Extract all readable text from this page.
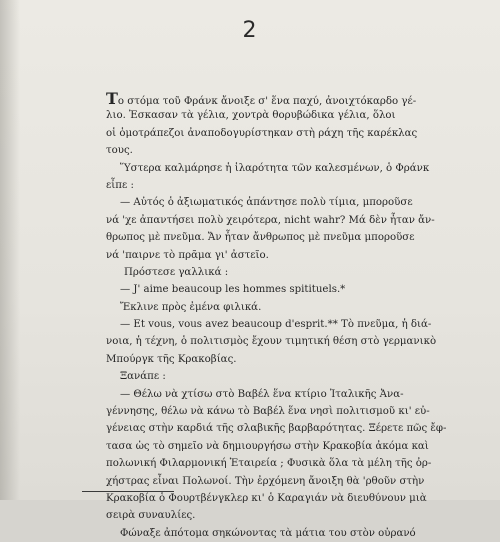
2
Το στόμα τοῦ Φράνκ ἄνοιξε σ' ἕνα παχύ, ἀνοιχτόκαρδο γέ-
λιο. Ἐσκασαν τὰ γέλια, χοντρὰ θορυβώδικα γέλια, ὅλοι
οἱ ὁμοτράπεζοι ἀναποδογυρίστηκαν στὴ ράχη τῆς καρέκλας
τους.
Ὕστερα καλμάρησε ἡ ἱλαρότητα τῶν καλεσμένων, ὁ Φράνκ
εἶπε :
— Αὐτός ὁ ἀξιωματικός ἀπάντησε πολὺ τίμια, μποροῦσε
νά 'χε ἀπαντήσει πολὺ χειρότερα, nicht wahr? Μά δὲν ἦταν ἄν-
θρωπος μὲ πνεῦμα. Ἄν ἦταν ἄνθρωπος μὲ πνεῦμα μποροῦσε
νά 'παιρνε τὸ πρᾶμα γι' ἀστεῖο.
Πρόστεσε γαλλικά :
— J' aime beaucoup les hommes spitituels.*
Ἔκλινε πρὸς ἐμένα φιλικά.
— Et vous, vous avez beaucoup d'esprit.** Τὸ πνεῦμα, ἡ διά-
νοια, ἡ τέχνη, ὁ πολιτισμὸς ἔχουν τιμητική θέση στὸ γερμανικὸ
Μπούργκ τῆς Κρακοβίας.
Ξανάπε :
— Θέλω νὰ χτίσω στὸ Βαβέλ ἕνα κτίριο Ἰταλικῆς Ἀνα-
γέννησης, θέλω νὰ κάνω τὸ Βαβέλ ἕνα νησὶ πολιτισμοῦ κι' εὐ-
γένειας στὴν καρδιά τῆς σλαβικῆς βαρβαρότητας. Ξέρετε πῶς ἔφ-
τασα ὡς τὸ σημεῖο νὰ δημιουργήσω στὴν Κρακοβία ἀκόμα καὶ
πολωνική Φιλαρμονική Ἑταιρεία ; Φυσικὰ ὅλα τὰ μέλη τῆς ὀρ-
χήστρας εἶναι Πολωνοί. Τὴν ἐρχόμενη ἄνοιξη θὰ 'ρθοῦν στὴν
Κρακοβία ὁ Φουρτβένγκλερ κι' ὁ Καραγιάν νὰ διευθύνουν μιὰ
σειρὰ συναυλίες.
Φώναξε ἀπότομα σηκώνοντας τὰ μάτια του στὸν οὐρανό
